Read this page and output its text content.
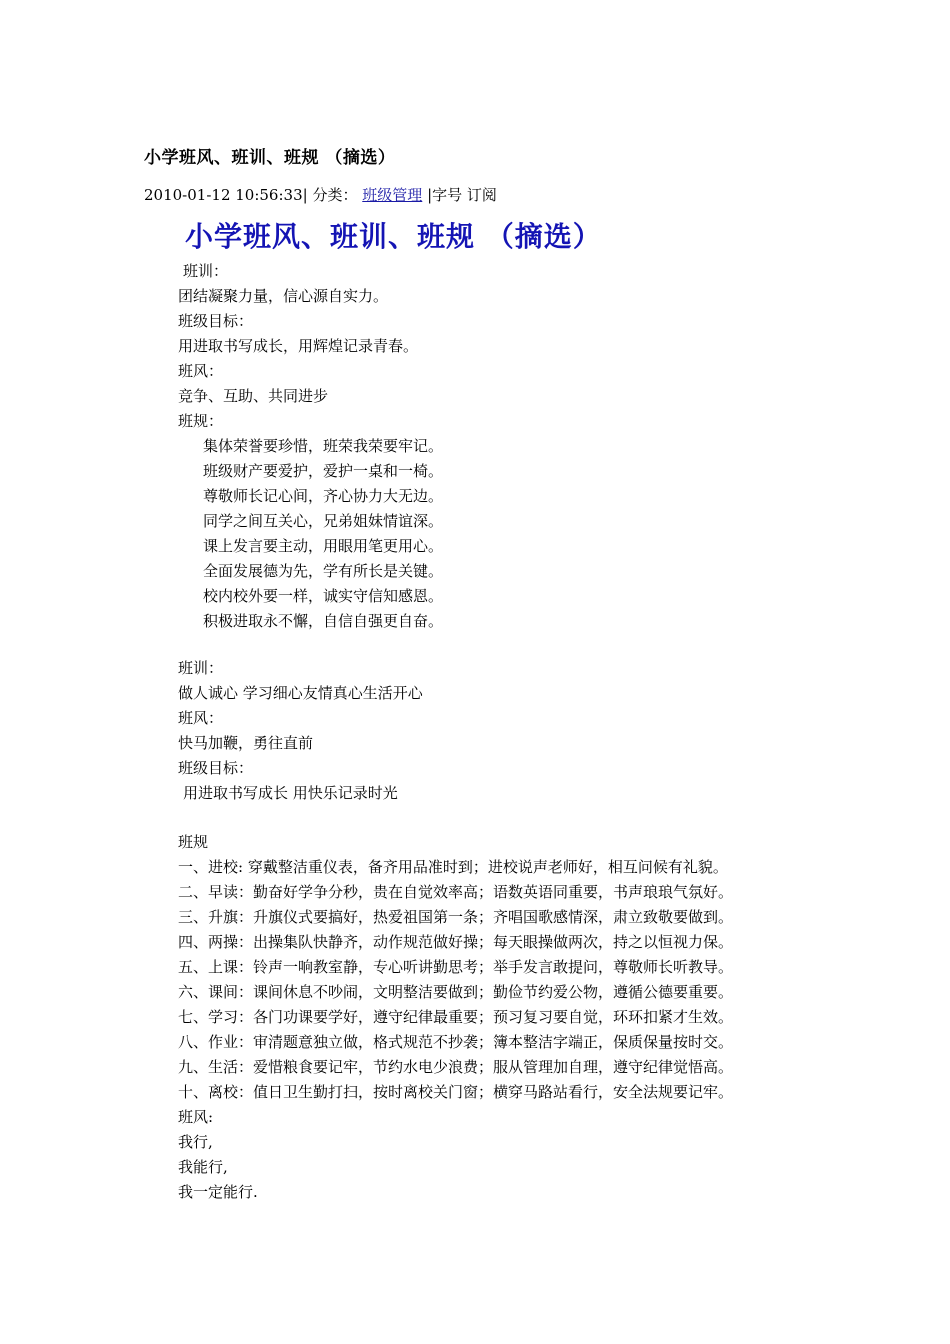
小学班风、班训、班规 （摘选）
2010-01-12 10:56:33| 分类： 班级管理 |字号 订阅
小学班风、班训、班规 （摘选）
班训：
团结凝聚力量，信心源自实力。
班级目标：
用进取书写成长，用辉煌记录青春。
班风：
竞争、互助、共同进步
班规：
集体荣誉要珍惜，班荣我荣要牢记。
班级财产要爱护，爱护一桌和一椅。
尊敬师长记心间，齐心协力大无边。
同学之间互关心，兄弟姐妹情谊深。
课上发言要主动，用眼用笔更用心。
全面发展德为先，学有所长是关键。
校内校外要一样，诚实守信知感恩。
积极进取永不懈，自信自强更自奋。
班训：
做人诚心 学习细心友情真心生活开心
班风：
快马加鞭，勇往直前
班级目标：
用进取书写成长 用快乐记录时光
班规
一、进校: 穿戴整洁重仪表，备齐用品准时到；进校说声老师好，相互问候有礼貌。
二、早读：勤奋好学争分秒，贵在自觉效率高；语数英语同重要，书声琅琅气氛好。
三、升旗：升旗仪式要搞好，热爱祖国第一条；齐唱国歌感情深，肃立致敬要做到。
四、两操：出操集队快静齐，动作规范做好操；每天眼操做两次，持之以恒视力保。
五、上课：铃声一响教室静，专心听讲勤思考；举手发言敢提问，尊敬师长听教导。
六、课间：课间休息不吵闹，文明整洁要做到；勤俭节约爱公物，遵循公德要重要。
七、学习：各门功课要学好，遵守纪律最重要；预习复习要自觉，环环扣紧才生效。
八、作业：审清题意独立做，格式规范不抄袭；簿本整洁字端正，保质保量按时交。
九、生活：爱惜粮食要记牢，节约水电少浪费；服从管理加自理，遵守纪律觉悟高。
十、离校：值日卫生勤打扫，按时离校关门窗；横穿马路站看行，安全法规要记牢。
班风:
我行,
我能行,
我一定能行.
